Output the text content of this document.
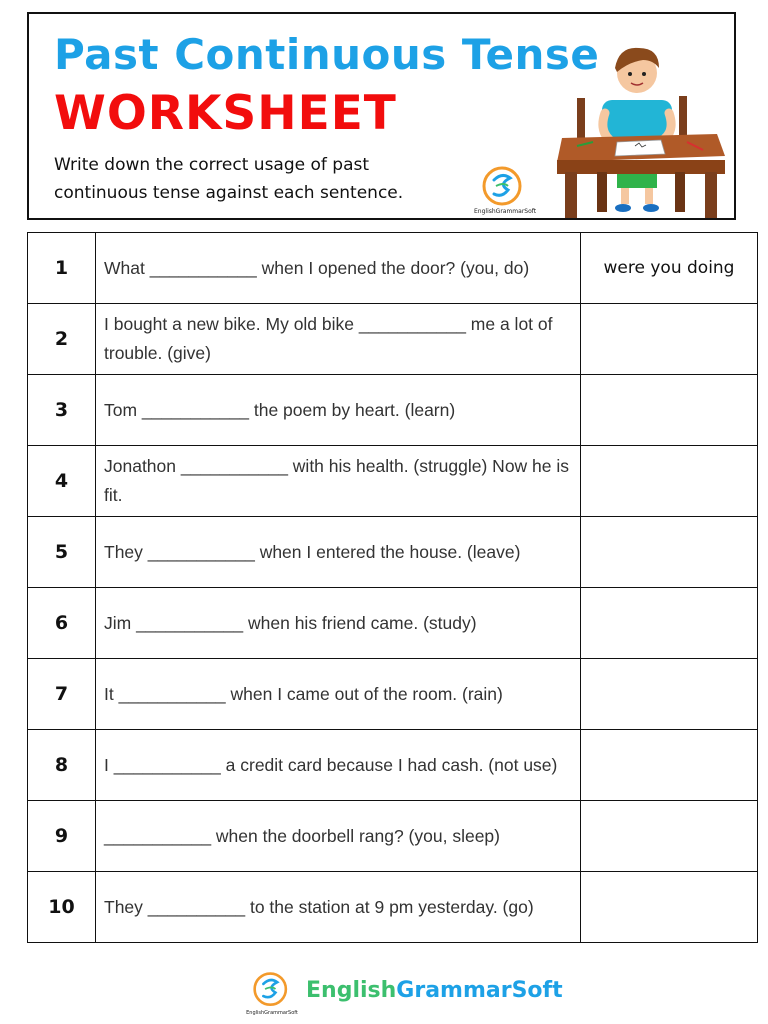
Past Continuous Tense
WORKSHEET
Write down the correct usage of past continuous tense against each sentence.
EnglishGrammarSoft
1	What ___________ when I opened the door? (you, do)	were you doing
2	I bought a new bike. My old bike ___________ me a lot of trouble. (give)	
3	Tom ___________ the poem by heart. (learn)	
4	Jonathon ___________ with his health. (struggle) Now he is fit.	
5	They ___________ when I entered the house. (leave)	
6	Jim ___________ when his friend came. (study)	
7	It ___________ when I came out of the room. (rain)	
8	I ___________ a credit card because I had cash. (not use)	
9	___________ when the doorbell rang? (you, sleep)	
10	They __________ to the station at 9 pm yesterday. (go)	
EnglishGrammarSoft
EnglishGrammarSoft
